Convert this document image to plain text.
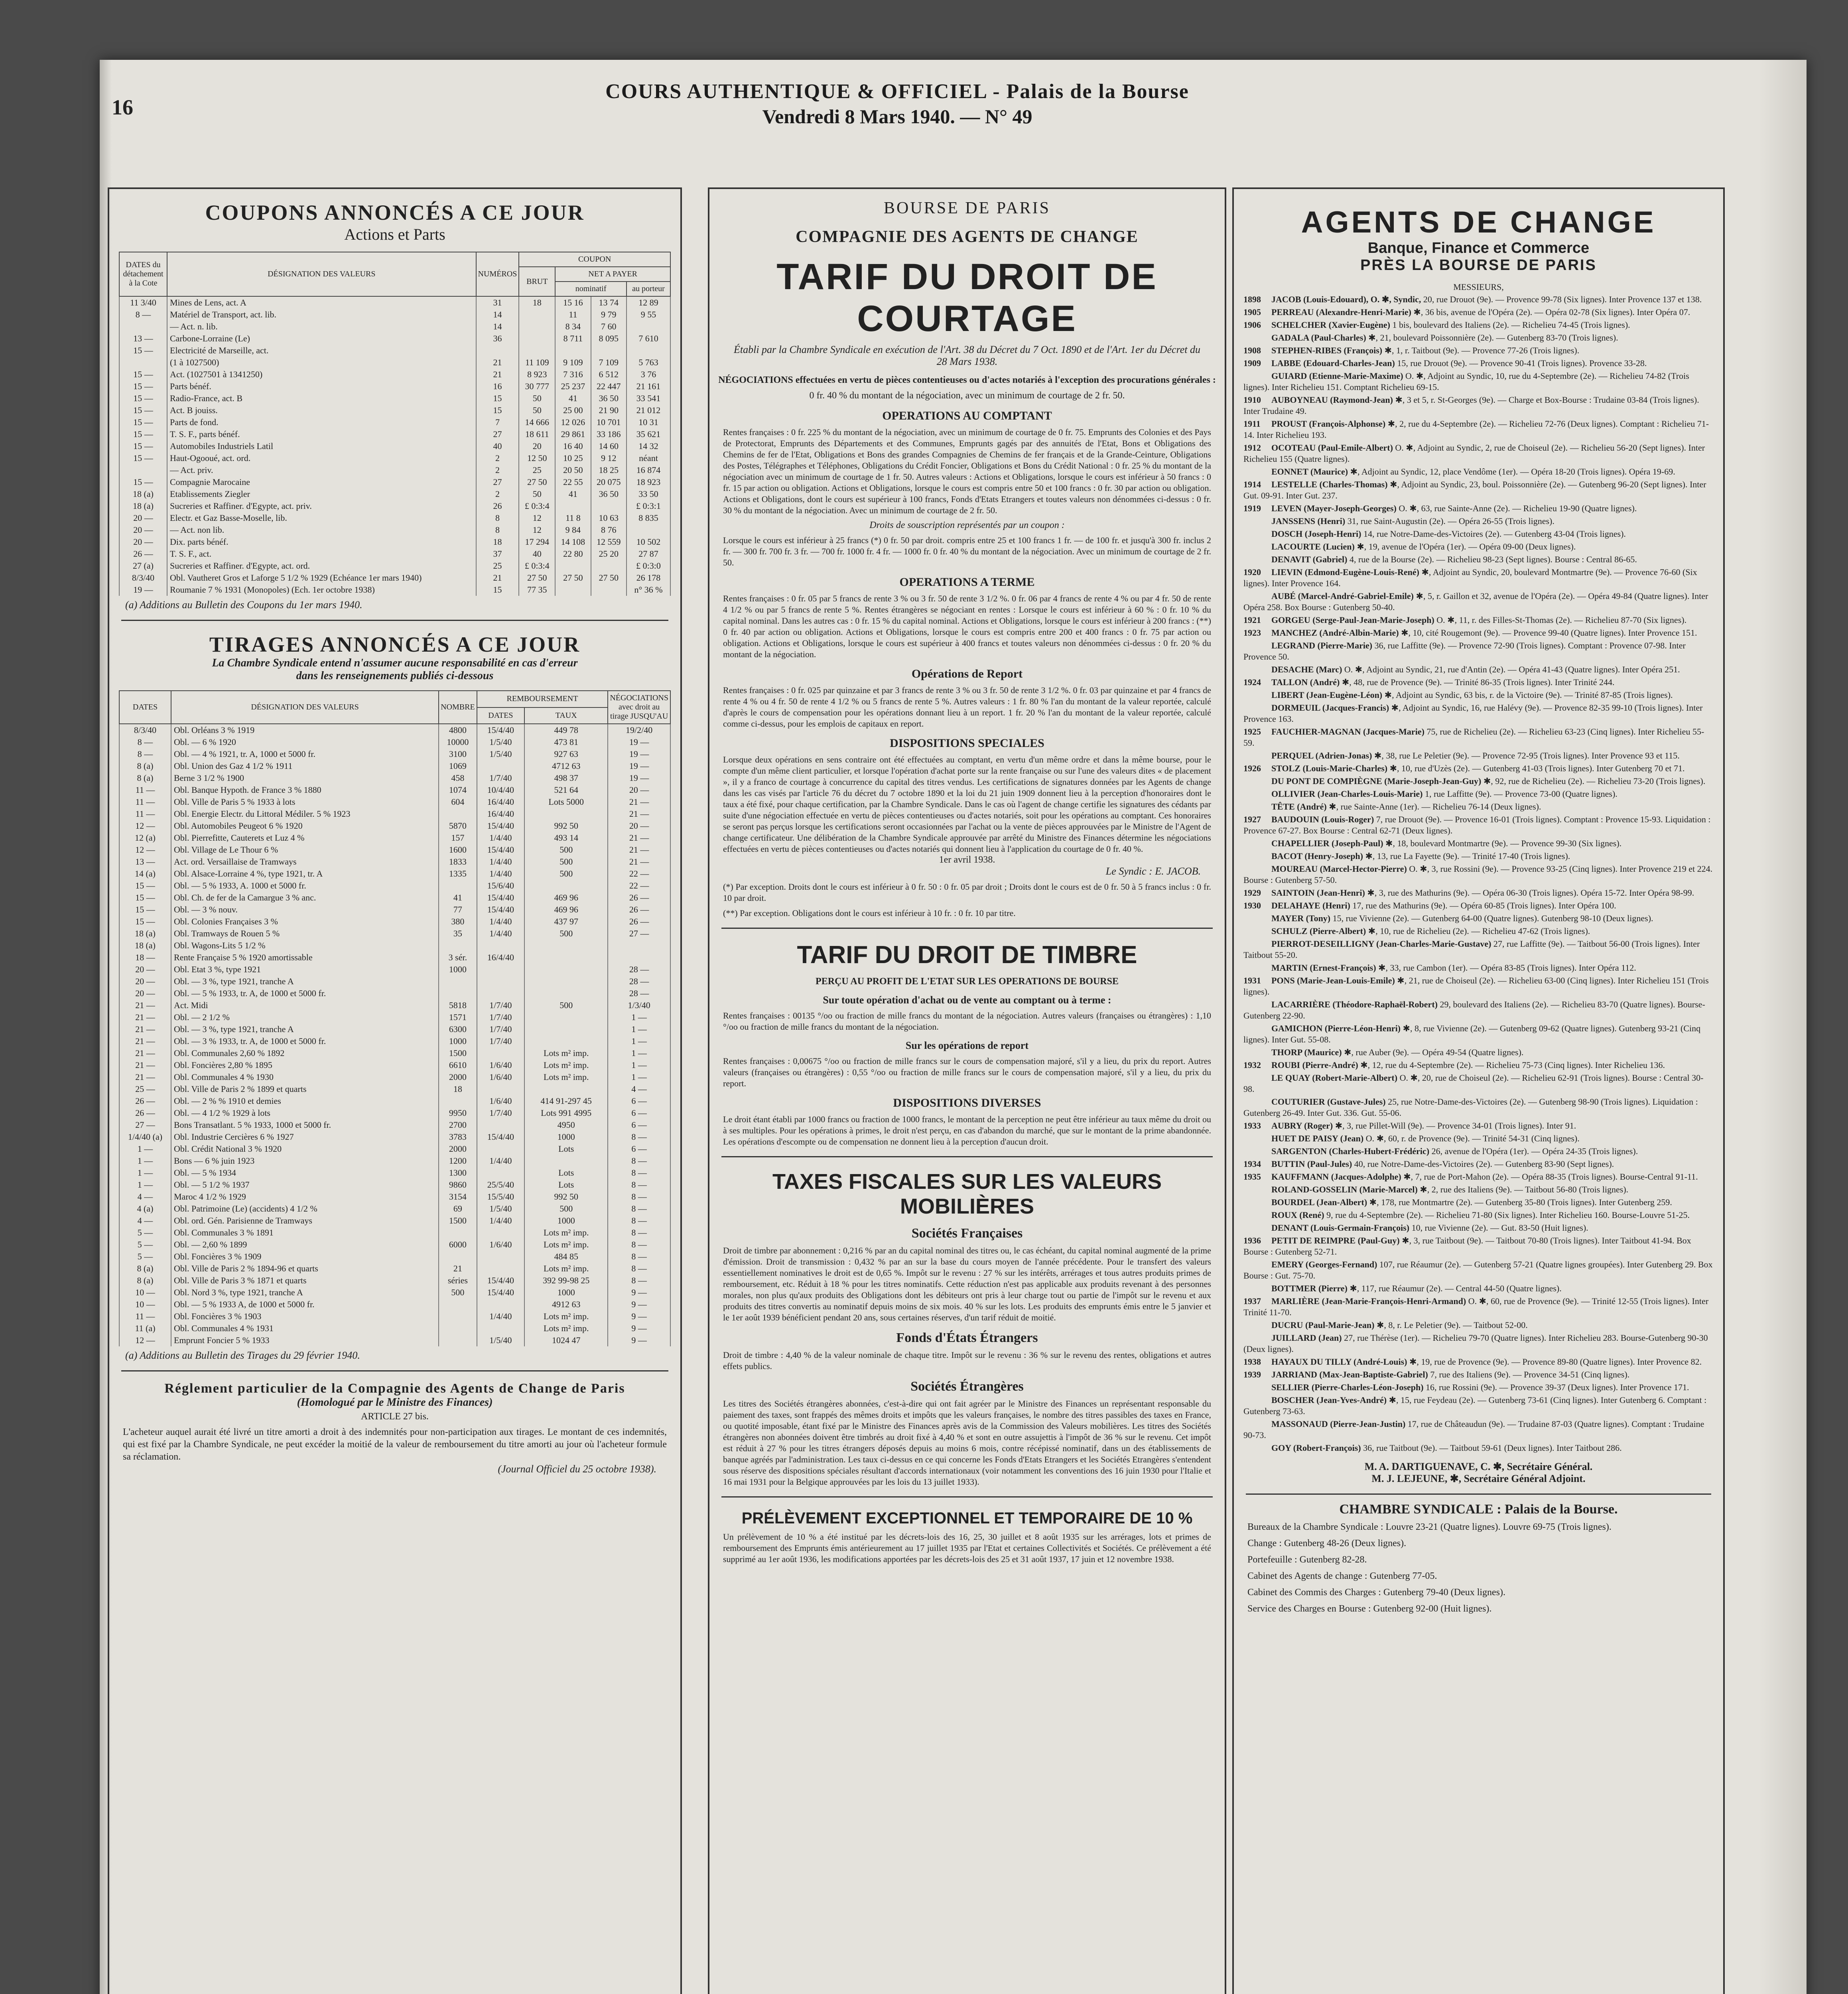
16
COURS AUTHENTIQUE & OFFICIEL - Palais de la Bourse
Vendredi 8 Mars 1940. — N° 49
COUPONS ANNONCÉS A CE JOUR
Actions et Parts
DATES du détachement à la Cote	DÉSIGNATION DES VALEURS	NUMÉROS	COUPON			
			BRUT	NET A PAYER		
				nominatif		au porteur
11 3/40	Mines de Lens, act. A	31	18	15 16	13 74	12 89
8 —	Matériel de Transport, act. lib.	14		11	9 79	9 55
	— Act. n. lib.	14		8 34	7 60	
13 —	Carbone-Lorraine (Le)	36		8 711	8 095	7 610
15 —	Electricité de Marseille, act.					
	(1 à 1027500)	21	11 109	9 109	7 109	5 763
15 —	Act. (1027501 à 1341250)	21	8 923	7 316	6 512	3 76
15 —	Parts bénéf.	16	30 777	25 237	22 447	21 161
15 —	Radio-France, act. B	15	50	41	36 50	33 541
15 —	Act. B jouiss.	15	50	25 00	21 90	21 012
15 —	Parts de fond.	7	14 666	12 026	10 701	10 31
15 —	T. S. F., parts bénéf.	27	18 611	29 861	33 186	35 621
15 —	Automobiles Industriels Latil	40	20	16 40	14 60	14 32
15 —	Haut-Ogooué, act. ord.	2	12 50	10 25	9 12	néant
	— Act. priv.	2	25	20 50	18 25	16 874
15 —	Compagnie Marocaine	27	27 50	22 55	20 075	18 923
18 (a)	Etablissements Ziegler	2	50	41	36 50	33 50
18 (a)	Sucreries et Raffiner. d'Egypte, act. priv.	26	£ 0:3:4			£ 0:3:1
20 —	Electr. et Gaz Basse-Moselle, lib.	8	12	11 8	10 63	8 835
20 —	— Act. non lib.	8	12	9 84	8 76	
20 —	Dix. parts bénéf.	18	17 294	14 108	12 559	10 502
26 —	T. S. F., act.	37	40	22 80	25 20	27 87
27 (a)	Sucreries et Raffiner. d'Egypte, act. ord.	25	£ 0:3:4			£ 0:3:0
8/3/40	Obl. Vautheret Gros et Laforge 5 1/2 % 1929 (Echéance 1er mars 1940)	21	27 50	27 50	27 50	26 178
19 —	Roumanie 7 % 1931 (Monopoles) (Ech. 1er octobre 1938)	15	77 35			n° 36 %
(a) Additions au Bulletin des Coupons du 1er mars 1940.
TIRAGES ANNONCÉS A CE JOUR
La Chambre Syndicale entend n'assumer aucune responsabilité en cas d'erreur
dans les renseignements publiés ci-dessous
DATES	DÉSIGNATION DES VALEURS	NOMBRE	REMBOURSEMENT		NÉGOCIATIONS avec droit au tirage JUSQU'AU
			DATES	TAUX	
8/3/40	Obl. Orléans 3 % 1919	4800	15/4/40	449 78	19/2/40
8 —	Obl. — 6 % 1920	10000	1/5/40	473 81	19 —
8 —	Obl. — 4 % 1921, tr. A, 1000 et 5000 fr.	3100	1/5/40	927 63	19 —
8 (a)	Obl. Union des Gaz 4 1/2 % 1911	1069		4712 63	19 —
8 (a)	Berne 3 1/2 % 1900	458	1/7/40	498 37	19 —
11 —	Obl. Banque Hypoth. de France 3 % 1880	1074	10/4/40	521 64	20 —
11 —	Obl. Ville de Paris 5 % 1933 à lots	604	16/4/40	Lots 5000	21 —
11 —	Obl. Energie Electr. du Littoral Médiler. 5 % 1923		16/4/40		21 —
12 —	Obl. Automobiles Peugeot 6 % 1920	5870	15/4/40	992 50	20 —
12 (a)	Obl. Pierrefitte, Cauterets et Luz 4 %	157	1/4/40	493 14	21 —
12 —	Obl. Village de Le Thour 6 %	1600	15/4/40	500	21 —
13 —	Act. ord. Versaillaise de Tramways	1833	1/4/40	500	21 —
14 (a)	Obl. Alsace-Lorraine 4 %, type 1921, tr. A	1335	1/4/40	500	22 —
15 —	Obl. — 5 % 1933, A. 1000 et 5000 fr.		15/6/40		22 —
15 —	Obl. Ch. de fer de la Camargue 3 % anc.	41	15/4/40	469 96	26 —
15 —	Obl. — 3 % nouv.	77	15/4/40	469 96	26 —
15 —	Obl. Colonies Françaises 3 %	380	1/4/40	437 97	26 —
18 (a)	Obl. Tramways de Rouen 5 %	35	1/4/40	500	27 —
18 (a)	Obl. Wagons-Lits 5 1/2 %				
18 —	Rente Française 5 % 1920 amortissable	3 sér.	16/4/40		
20 —	Obl. Etat 3 %, type 1921	1000			28 —
20 —	Obl. — 3 %, type 1921, tranche A				28 —
20 —	Obl. — 5 % 1933, tr. A, de 1000 et 5000 fr.				28 —
21 —	Act. Midi	5818	1/7/40	500	1/3/40
21 —	Obl. — 2 1/2 %	1571	1/7/40		1 —
21 —	Obl. — 3 %, type 1921, tranche A	6300	1/7/40		1 —
21 —	Obl. — 3 % 1933, tr. A, de 1000 et 5000 fr.	1000	1/7/40		1 —
21 —	Obl. Communales 2,60 % 1892	1500		Lots m² imp.	1 —
21 —	Obl. Foncières 2,80 % 1895	6610	1/6/40	Lots m² imp.	1 —
21 —	Obl. Communales 4 % 1930	2000	1/6/40	Lots m² imp.	1 —
25 —	Obl. Ville de Paris 2 % 1899 et quarts	18			4 —
26 —	Obl. — 2 % % 1910 et demies		1/6/40	414 91-297 45	6 —
26 —	Obl. — 4 1/2 % 1929 à lots	9950	1/7/40	Lots 991 4995	6 —
27 —	Bons Transatlant. 5 % 1933, 1000 et 5000 fr.	2700		4950	6 —
1/4/40 (a)	Obl. Industrie Cercières 6 % 1927	3783	15/4/40	1000	8 —
1 —	Obl. Crédit National 3 % 1920	2000		Lots	6 —
1 —	Bons — 6 % juin 1923	1200	1/4/40		8 —
1 —	Obl. — 5 % 1934	1300		Lots	8 —
1 —	Obl. — 5 1/2 % 1937	9860	25/5/40	Lots	8 —
4 —	Maroc 4 1/2 % 1929	3154	15/5/40	992 50	8 —
4 (a)	Obl. Patrimoine (Le) (accidents) 4 1/2 %	69	1/5/40	500	8 —
4 —	Obl. ord. Gén. Parisienne de Tramways	1500	1/4/40	1000	8 —
5 —	Obl. Communales 3 % 1891			Lots m² imp.	8 —
5 —	Obl. — 2,60 % 1899	6000	1/6/40	Lots m² imp.	8 —
5 —	Obl. Foncières 3 % 1909			484 85	8 —
8 (a)	Obl. Ville de Paris 2 % 1894-96 et quarts	21		Lots m² imp.	8 —
8 (a)	Obl. Ville de Paris 3 % 1871 et quarts	séries	15/4/40	392 99-98 25	8 —
10 —	Obl. Nord 3 %, type 1921, tranche A	500	15/4/40	1000	9 —
10 —	Obl. — 5 % 1933 A, de 1000 et 5000 fr.			4912 63	9 —
11 —	Obl. Foncières 3 % 1903		1/4/40	Lots m² imp.	9 —
11 (a)	Obl. Communales 4 % 1931			Lots m² imp.	9 —
12 —	Emprunt Foncier 5 % 1933		1/5/40	1024 47	9 —
(a) Additions au Bulletin des Tirages du 29 février 1940.
Réglement particulier de la Compagnie des Agents de Change de Paris
(Homologué par le Ministre des Finances)
ARTICLE 27 bis.
L'acheteur auquel aurait été livré un titre amorti a droit à des indemnités pour non-participation aux tirages. Le montant de ces indemnités, qui est fixé par la Chambre Syndicale, ne peut excéder la moitié de la valeur de remboursement du titre amorti au jour où l'acheteur formule sa réclamation.
(Journal Officiel du 25 octobre 1938).
BOURSE DE PARIS
COMPAGNIE DES AGENTS DE CHANGE
TARIF DU DROIT DE COURTAGE
Établi par la Chambre Syndicale en exécution de l'Art. 38 du Décret du 7 Oct. 1890 et de l'Art. 1er du Décret du 28 Mars 1938.
NÉGOCIATIONS effectuées en vertu de pièces contentieuses ou d'actes notariés à l'exception des procurations générales :
0 fr. 40 % du montant de la négociation, avec un minimum de courtage de 2 fr. 50.
OPERATIONS AU COMPTANT
Rentes françaises : 0 fr. 225 % du montant de la négociation, avec un minimum de courtage de 0 fr. 75. Emprunts des Colonies et des Pays de Protectorat, Emprunts des Départements et des Communes, Emprunts gagés par des annuités de l'Etat, Bons et Obligations des Chemins de fer de l'Etat, Obligations et Bons des grandes Compagnies de Chemins de fer français et de la Grande-Ceinture, Obligations des Postes, Télégraphes et Téléphones, Obligations du Crédit Foncier, Obligations et Bons du Crédit National : 0 fr. 25 % du montant de la négociation avec un minimum de courtage de 1 fr. 50. Autres valeurs : Actions et Obligations, lorsque le cours est inférieur à 50 francs : 0 fr. 15 par action ou obligation. Actions et Obligations, lorsque le cours est compris entre 50 et 100 francs : 0 fr. 30 par action ou obligation. Actions et Obligations, dont le cours est supérieur à 100 francs, Fonds d'Etats Etrangers et toutes valeurs non dénommées ci-dessus : 0 fr. 30 % du montant de la négociation. Avec un minimum de courtage de 2 fr. 50.
Droits de souscription représentés par un coupon :
Lorsque le cours est inférieur à 25 francs (*) 0 fr. 50 par droit. compris entre 25 et 100 francs 1 fr. — de 100 fr. et jusqu'à 300 fr. inclus 2 fr. — 300 fr. 700 fr. 3 fr. — 700 fr. 1000 fr. 4 fr. — 1000 fr. 0 fr. 40 % du montant de la négociation. Avec un minimum de courtage de 2 fr. 50.
OPERATIONS A TERME
Rentes françaises : 0 fr. 05 par 5 francs de rente 3 % ou 3 fr. 50 de rente 3 1/2 %. 0 fr. 06 par 4 francs de rente 4 % ou par 4 fr. 50 de rente 4 1/2 % ou par 5 francs de rente 5 %. Rentes étrangères se négociant en rentes : Lorsque le cours est inférieur à 60 % : 0 fr. 10 % du capital nominal. Dans les autres cas : 0 fr. 15 % du capital nominal. Actions et Obligations, lorsque le cours est inférieur à 200 francs : (**) 0 fr. 40 par action ou obligation. Actions et Obligations, lorsque le cours est compris entre 200 et 400 francs : 0 fr. 75 par action ou obligation. Actions et Obligations, lorsque le cours est supérieur à 400 francs et toutes valeurs non dénommées ci-dessus : 0 fr. 20 % du montant de la négociation.
Opérations de Report
Rentes françaises : 0 fr. 025 par quinzaine et par 3 francs de rente 3 % ou 3 fr. 50 de rente 3 1/2 %. 0 fr. 03 par quinzaine et par 4 francs de rente 4 % ou 4 fr. 50 de rente 4 1/2 % ou 5 francs de rente 5 %. Autres valeurs : 1 fr. 80 % l'an du montant de la valeur reportée, calculé d'après le cours de compensation pour les opérations donnant lieu à un report. 1 fr. 20 % l'an du montant de la valeur reportée, calculé comme ci-dessus, pour les emplois de capitaux en report.
DISPOSITIONS SPECIALES
Lorsque deux opérations en sens contraire ont été effectuées au comptant, en vertu d'un même ordre et dans la même bourse, pour le compte d'un même client particulier, et lorsque l'opération d'achat porte sur la rente française ou sur l'une des valeurs dites « de placement », il y a franco de courtage à concurrence du capital des titres vendus. Les certifications de signatures données par les Agents de change dans les cas visés par l'article 76 du décret du 7 octobre 1890 et la loi du 21 juin 1909 donnent lieu à la perception d'honoraires dont le taux a été fixé, pour chaque certification, par la Chambre Syndicale. Dans le cas où l'agent de change certifie les signatures des cédants par suite d'une négociation effectuée en vertu de pièces contentieuses ou d'actes notariés, soit pour les opérations au comptant. Ces honoraires se seront pas perçus lorsque les certifications seront occasionnées par l'achat ou la vente de pièces approuvées par le Ministre de l'Agent de change certificateur. Une délibération de la Chambre Syndicale approuvée par arrêté du Ministre des Finances détermine les négociations effectuées en vertu de pièces contentieuses ou d'actes notariés qui donnent lieu à l'application du courtage de 0 fr. 40 %.
1er avril 1938.
Le Syndic : E. JACOB.
(*) Par exception. Droits dont le cours est inférieur à 0 fr. 50 : 0 fr. 05 par droit ; Droits dont le cours est de 0 fr. 50 à 5 francs inclus : 0 fr. 10 par droit.
(**) Par exception. Obligations dont le cours est inférieur à 10 fr. : 0 fr. 10 par titre.
TARIF DU DROIT DE TIMBRE
PERÇU AU PROFIT DE L'ETAT SUR LES OPERATIONS DE BOURSE
Sur toute opération d'achat ou de vente au comptant ou à terme :
Rentes françaises : 00135 °/oo ou fraction de mille francs du montant de la négociation. Autres valeurs (françaises ou étrangères) : 1,10 °/oo ou fraction de mille francs du montant de la négociation.
Sur les opérations de report
Rentes françaises : 0,00675 °/oo ou fraction de mille francs sur le cours de compensation majoré, s'il y a lieu, du prix du report. Autres valeurs (françaises ou étrangères) : 0,55 °/oo ou fraction de mille francs sur le cours de compensation majoré, s'il y a lieu, du prix du report.
DISPOSITIONS DIVERSES
Le droit étant établi par 1000 francs ou fraction de 1000 francs, le montant de la perception ne peut être inférieur au taux même du droit ou à ses multiples. Pour les opérations à primes, le droit n'est perçu, en cas d'abandon du marché, que sur le montant de la prime abandonnée. Les opérations d'escompte ou de compensation ne donnent lieu à la perception d'aucun droit.
TAXES FISCALES SUR LES VALEURS MOBILIÈRES
Sociétés Françaises
Droit de timbre par abonnement : 0,216 % par an du capital nominal des titres ou, le cas échéant, du capital nominal augmenté de la prime d'émission. Droit de transmission : 0,432 % par an sur la base du cours moyen de l'année précédente. Pour le transfert des valeurs essentiellement nominatives le droit est de 0,65 %. Impôt sur le revenu : 27 % sur les intérêts, arrérages et tous autres produits primes de remboursement, etc. Réduit à 18 % pour les titres nominatifs. Cette réduction n'est pas applicable aux produits revenant à des personnes morales, non plus qu'aux produits des Obligations dont les débiteurs ont pris à leur charge tout ou partie de l'impôt sur le revenu et aux produits des titres convertis au nominatif depuis moins de six mois. 40 % sur les lots. Les produits des emprunts émis entre le 5 janvier et le 1er août 1939 bénéficient pendant 20 ans, sous certaines réserves, d'un tarif réduit de moitié.
Fonds d'États Étrangers
Droit de timbre : 4,40 % de la valeur nominale de chaque titre. Impôt sur le revenu : 36 % sur le revenu des rentes, obligations et autres effets publics.
Sociétés Étrangères
Les titres des Sociétés étrangères abonnées, c'est-à-dire qui ont fait agréer par le Ministre des Finances un représentant responsable du paiement des taxes, sont frappés des mêmes droits et impôts que les valeurs françaises, le nombre des titres passibles des taxes en France, ou quotité imposable, étant fixé par le Ministre des Finances après avis de la Commission des Valeurs mobilières. Les titres des Sociétés étrangères non abonnées doivent être timbrés au droit fixé à 4,40 % et sont en outre assujettis à l'impôt de 36 % sur le revenu. Cet impôt est réduit à 27 % pour les titres étrangers déposés depuis au moins 6 mois, contre récépissé nominatif, dans un des établissements de banque agréés par l'administration. Les taux ci-dessus en ce qui concerne les Fonds d'Etats Etrangers et les Sociétés Etrangères s'entendent sous réserve des dispositions spéciales résultant d'accords internationaux (voir notamment les conventions des 16 juin 1930 pour l'Italie et 16 mai 1931 pour la Belgique approuvées par les lois du 13 juillet 1933).
PRÉLÈVEMENT EXCEPTIONNEL ET TEMPORAIRE DE 10 %
Un prélèvement de 10 % a été institué par les décrets-lois des 16, 25, 30 juillet et 8 août 1935 sur les arrérages, lots et primes de remboursement des Emprunts émis antérieurement au 17 juillet 1935 par l'Etat et certaines Collectivités et Sociétés. Ce prélèvement a été supprimé au 1er août 1936, les modifications apportées par les décrets-lois des 25 et 31 août 1937, 17 juin et 12 novembre 1938.
AGENTS DE CHANGE
Banque, Finance et Commerce
PRÈS LA BOURSE DE PARIS
MESSIEURS,
1898 JACOB (Louis-Edouard), O. ✱, Syndic, 20, rue Drouot (9e). — Provence 99-78 (Six lignes). Inter Provence 137 et 138.
1905 PERREAU (Alexandre-Henri-Marie) ✱, 36 bis, avenue de l'Opéra (2e). — Opéra 02-78 (Six lignes). Inter Opéra 07.
1906 SCHELCHER (Xavier-Eugène) 1 bis, boulevard des Italiens (2e). — Richelieu 74-45 (Trois lignes).
GADALA (Paul-Charles) ✱, 21, boulevard Poissonnière (2e). — Gutenberg 83-70 (Trois lignes).
1908 STEPHEN-RIBES (François) ✱, 1, r. Taitbout (9e). — Provence 77-26 (Trois lignes).
1909 LABBE (Edouard-Charles-Jean) 15, rue Drouot (9e). — Provence 90-41 (Trois lignes). Provence 33-28.
GUIARD (Etienne-Marie-Maxime) O. ✱, Adjoint au Syndic, 10, rue du 4-Septembre (2e). — Richelieu 74-82 (Trois lignes). Inter Richelieu 151. Comptant Richelieu 69-15.
1910 AUBOYNEAU (Raymond-Jean) ✱, 3 et 5, r. St-Georges (9e). — Charge et Box-Bourse : Trudaine 03-84 (Trois lignes). Inter Trudaine 49.
1911 PROUST (François-Alphonse) ✱, 2, rue du 4-Septembre (2e). — Richelieu 72-76 (Deux lignes). Comptant : Richelieu 71-14. Inter Richelieu 193.
1912 OCOTEAU (Paul-Emile-Albert) O. ✱, Adjoint au Syndic, 2, rue de Choiseul (2e). — Richelieu 56-20 (Sept lignes). Inter Richelieu 155 (Quatre lignes).
EONNET (Maurice) ✱, Adjoint au Syndic, 12, place Vendôme (1er). — Opéra 18-20 (Trois lignes). Opéra 19-69.
1914 LESTELLE (Charles-Thomas) ✱, Adjoint au Syndic, 23, boul. Poissonnière (2e). — Gutenberg 96-20 (Sept lignes). Inter Gut. 09-91. Inter Gut. 237.
1919 LEVEN (Mayer-Joseph-Georges) O. ✱, 63, rue Sainte-Anne (2e). — Richelieu 19-90 (Quatre lignes).
JANSSENS (Henri) 31, rue Saint-Augustin (2e). — Opéra 26-55 (Trois lignes).
DOSCH (Joseph-Henri) 14, rue Notre-Dame-des-Victoires (2e). — Gutenberg 43-04 (Trois lignes).
LACOURTE (Lucien) ✱, 19, avenue de l'Opéra (1er). — Opéra 09-00 (Deux lignes).
DENAVIT (Gabriel) 4, rue de la Bourse (2e). — Richelieu 98-23 (Sept lignes). Bourse : Central 86-65.
1920 LIEVIN (Edmond-Eugène-Louis-René) ✱, Adjoint au Syndic, 20, boulevard Montmartre (9e). — Provence 76-60 (Six lignes). Inter Provence 164.
AUBÉ (Marcel-André-Gabriel-Emile) ✱, 5, r. Gaillon et 32, avenue de l'Opéra (2e). — Opéra 49-84 (Quatre lignes). Inter Opéra 258. Box Bourse : Gutenberg 50-40.
1921 GORGEU (Serge-Paul-Jean-Marie-Joseph) O. ✱, 11, r. des Filles-St-Thomas (2e). — Richelieu 87-70 (Six lignes).
1923 MANCHEZ (André-Albin-Marie) ✱, 10, cité Rougemont (9e). — Provence 99-40 (Quatre lignes). Inter Provence 151.
LEGRAND (Pierre-Marie) 36, rue Laffitte (9e). — Provence 72-90 (Trois lignes). Comptant : Provence 07-98. Inter Provence 50.
DESACHE (Marc) O. ✱, Adjoint au Syndic, 21, rue d'Antin (2e). — Opéra 41-43 (Quatre lignes). Inter Opéra 251.
1924 TALLON (André) ✱, 48, rue de Provence (9e). — Trinité 86-35 (Trois lignes). Inter Trinité 244.
LIBERT (Jean-Eugène-Léon) ✱, Adjoint au Syndic, 63 bis, r. de la Victoire (9e). — Trinité 87-85 (Trois lignes).
DORMEUIL (Jacques-Francis) ✱, Adjoint au Syndic, 16, rue Halévy (9e). — Provence 82-35 99-10 (Trois lignes). Inter Provence 163.
1925 FAUCHIER-MAGNAN (Jacques-Marie) 75, rue de Richelieu (2e). — Richelieu 63-23 (Cinq lignes). Inter Richelieu 55-59.
PERQUEL (Adrien-Jonas) ✱, 38, rue Le Peletier (9e). — Provence 72-95 (Trois lignes). Inter Provence 93 et 115.
1926 STOLZ (Louis-Marie-Charles) ✱, 10, rue d'Uzès (2e). — Gutenberg 41-03 (Trois lignes). Inter Gutenberg 70 et 71.
DU PONT DE COMPIÈGNE (Marie-Joseph-Jean-Guy) ✱, 92, rue de Richelieu (2e). — Richelieu 73-20 (Trois lignes).
OLLIVIER (Jean-Charles-Louis-Marie) 1, rue Laffitte (9e). — Provence 73-00 (Quatre lignes).
TÊTE (André) ✱, rue Sainte-Anne (1er). — Richelieu 76-14 (Deux lignes).
1927 BAUDOUIN (Louis-Roger) 7, rue Drouot (9e). — Provence 16-01 (Trois lignes). Comptant : Provence 15-93. Liquidation : Provence 67-27. Box Bourse : Central 62-71 (Deux lignes).
CHAPELLIER (Joseph-Paul) ✱, 18, boulevard Montmartre (9e). — Provence 99-30 (Six lignes).
BACOT (Henry-Joseph) ✱, 13, rue La Fayette (9e). — Trinité 17-40 (Trois lignes).
MOUREAU (Marcel-Hector-Pierre) O. ✱, 3, rue Rossini (9e). — Provence 93-25 (Cinq lignes). Inter Provence 219 et 224. Bourse : Gutenberg 57-50.
1929 SAINTOIN (Jean-Henri) ✱, 3, rue des Mathurins (9e). — Opéra 06-30 (Trois lignes). Opéra 15-72. Inter Opéra 98-99.
1930 DELAHAYE (Henri) 17, rue des Mathurins (9e). — Opéra 60-85 (Trois lignes). Inter Opéra 100.
MAYER (Tony) 15, rue Vivienne (2e). — Gutenberg 64-00 (Quatre lignes). Gutenberg 98-10 (Deux lignes).
SCHULZ (Pierre-Albert) ✱, 10, rue de Richelieu (2e). — Richelieu 47-62 (Trois lignes).
PIERROT-DESEILLIGNY (Jean-Charles-Marie-Gustave) 27, rue Laffitte (9e). — Taitbout 56-00 (Trois lignes). Inter Taitbout 55-20.
MARTIN (Ernest-François) ✱, 33, rue Cambon (1er). — Opéra 83-85 (Trois lignes). Inter Opéra 112.
1931 PONS (Marie-Jean-Louis-Emile) ✱, 21, rue de Choiseul (2e). — Richelieu 63-00 (Cinq lignes). Inter Richelieu 151 (Trois lignes).
LACARRIÈRE (Théodore-Raphaël-Robert) 29, boulevard des Italiens (2e). — Richelieu 83-70 (Quatre lignes). Bourse-Gutenberg 22-90.
GAMICHON (Pierre-Léon-Henri) ✱, 8, rue Vivienne (2e). — Gutenberg 09-62 (Quatre lignes). Gutenberg 93-21 (Cinq lignes). Inter Gut. 55-08.
THORP (Maurice) ✱, rue Auber (9e). — Opéra 49-54 (Quatre lignes).
1932 ROUBI (Pierre-André) ✱, 12, rue du 4-Septembre (2e). — Richelieu 75-73 (Cinq lignes). Inter Richelieu 136.
LE QUAY (Robert-Marie-Albert) O. ✱, 20, rue de Choiseul (2e). — Richelieu 62-91 (Trois lignes). Bourse : Central 30-98.
COUTURIER (Gustave-Jules) 25, rue Notre-Dame-des-Victoires (2e). — Gutenberg 98-90 (Trois lignes). Liquidation : Gutenberg 26-49. Inter Gut. 336. Gut. 55-06.
1933 AUBRY (Roger) ✱, 3, rue Pillet-Will (9e). — Provence 34-01 (Trois lignes). Inter 91.
HUET DE PAISY (Jean) O. ✱, 60, r. de Provence (9e). — Trinité 54-31 (Cinq lignes).
SARGENTON (Charles-Hubert-Frédéric) 26, avenue de l'Opéra (1er). — Opéra 24-35 (Trois lignes).
1934 BUTTIN (Paul-Jules) 40, rue Notre-Dame-des-Victoires (2e). — Gutenberg 83-90 (Sept lignes).
1935 KAUFFMANN (Jacques-Adolphe) ✱, 7, rue de Port-Mahon (2e). — Opéra 88-35 (Trois lignes). Bourse-Central 91-11.
ROLAND-GOSSELIN (Marie-Marcel) ✱, 2, rue des Italiens (9e). — Taitbout 56-80 (Trois lignes).
BOURDEL (Jean-Albert) ✱, 178, rue Montmartre (2e). — Gutenberg 35-80 (Trois lignes). Inter Gutenberg 259.
ROUX (René) 9, rue du 4-Septembre (2e). — Richelieu 71-80 (Six lignes). Inter Richelieu 160. Bourse-Louvre 51-25.
DENANT (Louis-Germain-François) 10, rue Vivienne (2e). — Gut. 83-50 (Huit lignes).
1936 PETIT DE REIMPRE (Paul-Guy) ✱, 3, rue Taitbout (9e). — Taitbout 70-80 (Trois lignes). Inter Taitbout 41-94. Box Bourse : Gutenberg 52-71.
EMERY (Georges-Fernand) 107, rue Réaumur (2e). — Gutenberg 57-21 (Quatre lignes groupées). Inter Gutenberg 29. Box Bourse : Gut. 75-70.
BOTTMER (Pierre) ✱, 117, rue Réaumur (2e). — Central 44-50 (Quatre lignes).
1937 MARLIÈRE (Jean-Marie-François-Henri-Armand) O. ✱, 60, rue de Provence (9e). — Trinité 12-55 (Trois lignes). Inter Trinité 11-70.
DUCRU (Paul-Marie-Jean) ✱, 8, r. Le Peletier (9e). — Taitbout 52-00.
JUILLARD (Jean) 27, rue Thérèse (1er). — Richelieu 79-70 (Quatre lignes). Inter Richelieu 283. Bourse-Gutenberg 90-30 (Deux lignes).
1938 HAYAUX DU TILLY (André-Louis) ✱, 19, rue de Provence (9e). — Provence 89-80 (Quatre lignes). Inter Provence 82.
1939 JARRIAND (Max-Jean-Baptiste-Gabriel) 7, rue des Italiens (9e). — Provence 34-51 (Cinq lignes).
SELLIER (Pierre-Charles-Léon-Joseph) 16, rue Rossini (9e). — Provence 39-37 (Deux lignes). Inter Provence 171.
BOSCHER (Jean-Yves-André) ✱, 15, rue Feydeau (2e). — Gutenberg 73-61 (Cinq lignes). Inter Gutenberg 6. Comptant : Gutenberg 73-63.
MASSONAUD (Pierre-Jean-Justin) 17, rue de Châteaudun (9e). — Trudaine 87-03 (Quatre lignes). Comptant : Trudaine 90-73.
GOY (Robert-François) 36, rue Taitbout (9e). — Taitbout 59-61 (Deux lignes). Inter Taitbout 286.
M. A. DARTIGUENAVE, C. ✱, Secrétaire Général.
M. J. LEJEUNE, ✱, Secrétaire Général Adjoint.
CHAMBRE SYNDICALE : Palais de la Bourse.
Bureaux de la Chambre Syndicale : Louvre 23-21 (Quatre lignes). Louvre 69-75 (Trois lignes).
Change : Gutenberg 48-26 (Deux lignes).
Portefeuille : Gutenberg 82-28.
Cabinet des Agents de change : Gutenberg 77-05.
Cabinet des Commis des Charges : Gutenberg 79-40 (Deux lignes).
Service des Charges en Bourse : Gutenberg 92-00 (Huit lignes).
